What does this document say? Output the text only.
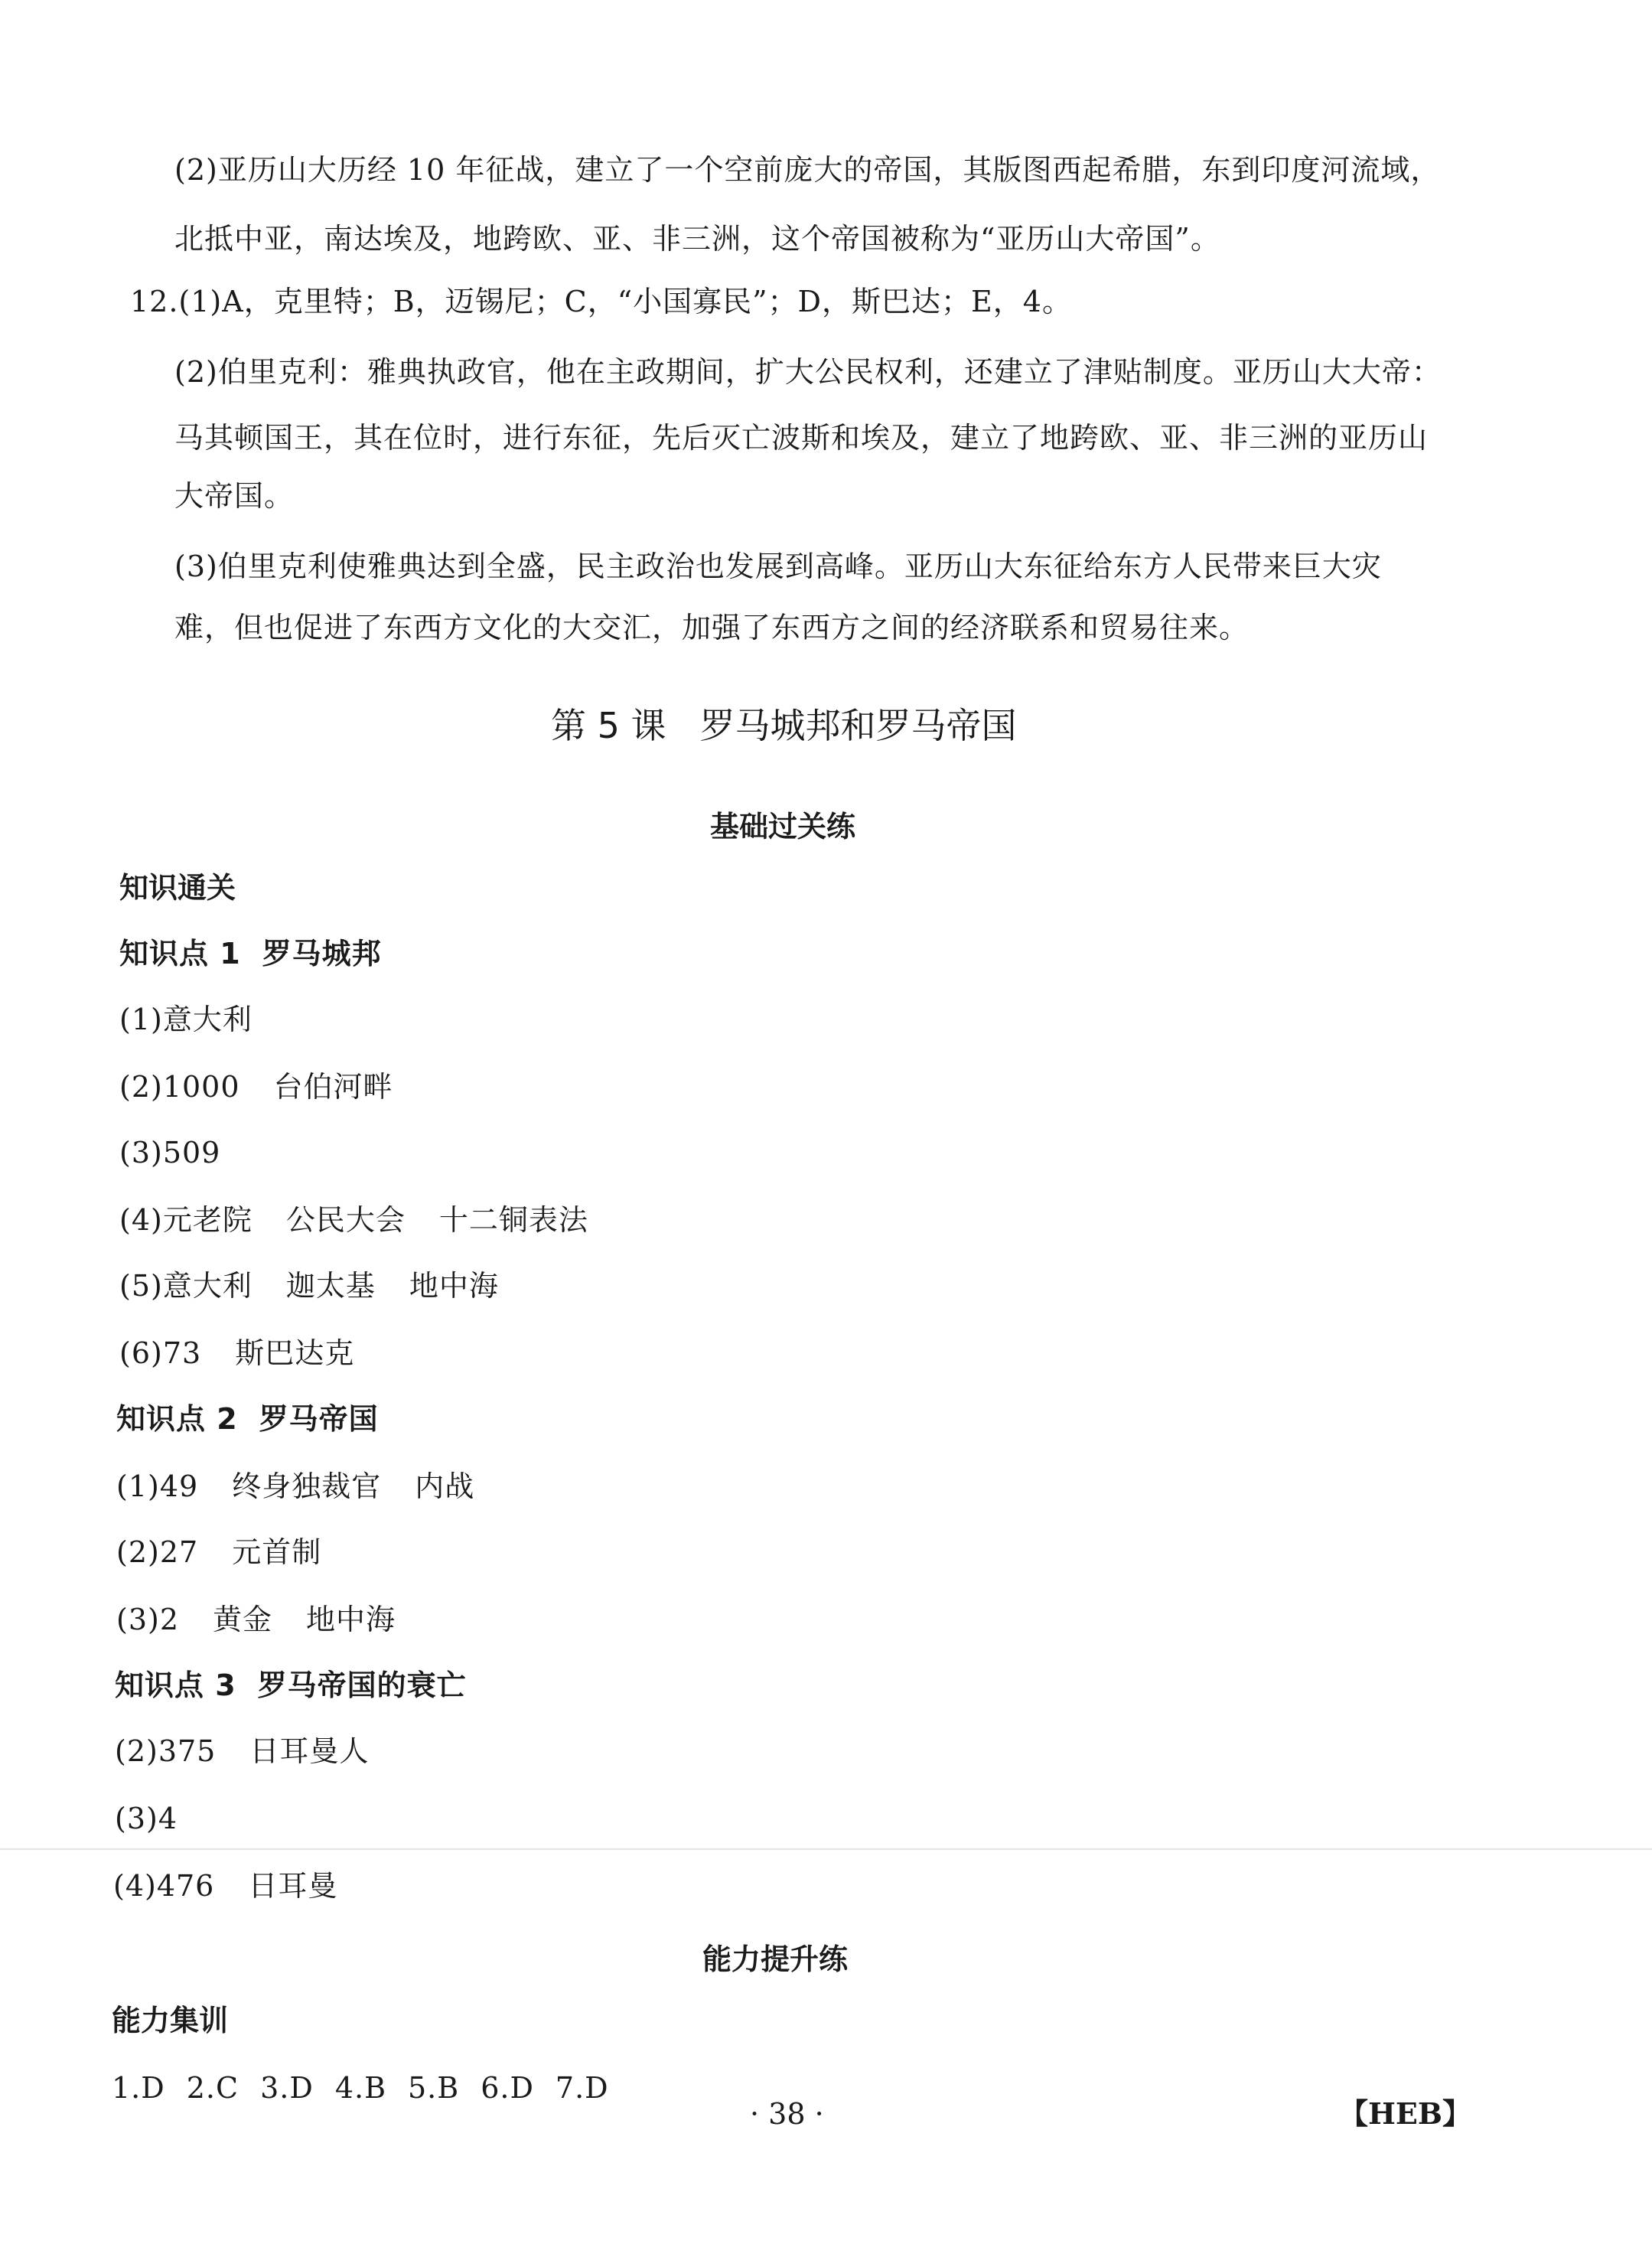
(2)亚历山大历经 10 年征战，建立了一个空前庞大的帝国，其版图西起希腊，东到印度河流域，
北抵中亚，南达埃及，地跨欧、亚、非三洲，这个帝国被称为“亚历山大帝国”。
12.(1)A，克里特；B，迈锡尼；C，“小国寡民”；D，斯巴达；E，4。
(2)伯里克利：雅典执政官，他在主政期间，扩大公民权利，还建立了津贴制度。亚历山大大帝：
马其顿国王，其在位时，进行东征，先后灭亡波斯和埃及，建立了地跨欧、亚、非三洲的亚历山
大帝国。
(3)伯里克利使雅典达到全盛，民主政治也发展到高峰。亚历山大东征给东方人民带来巨大灾
难，但也促进了东西方文化的大交汇，加强了东西方之间的经济联系和贸易往来。
第 5 课 罗马城邦和罗马帝国
基础过关练
知识通关
知识点 1 罗马城邦
(1)意大利
(2)1000 台伯河畔
(3)509
(4)元老院 公民大会 十二铜表法
(5)意大利 迦太基 地中海
(6)73 斯巴达克
知识点 2 罗马帝国
(1)49 终身独裁官 内战
(2)27 元首制
(3)2 黄金 地中海
知识点 3 罗马帝国的衰亡
(2)375 日耳曼人
(3)4
(4)476 日耳曼
能力提升练
能力集训
1.D 2.C 3.D 4.B 5.B 6.D 7.D
· 38 ·	【HEB】
